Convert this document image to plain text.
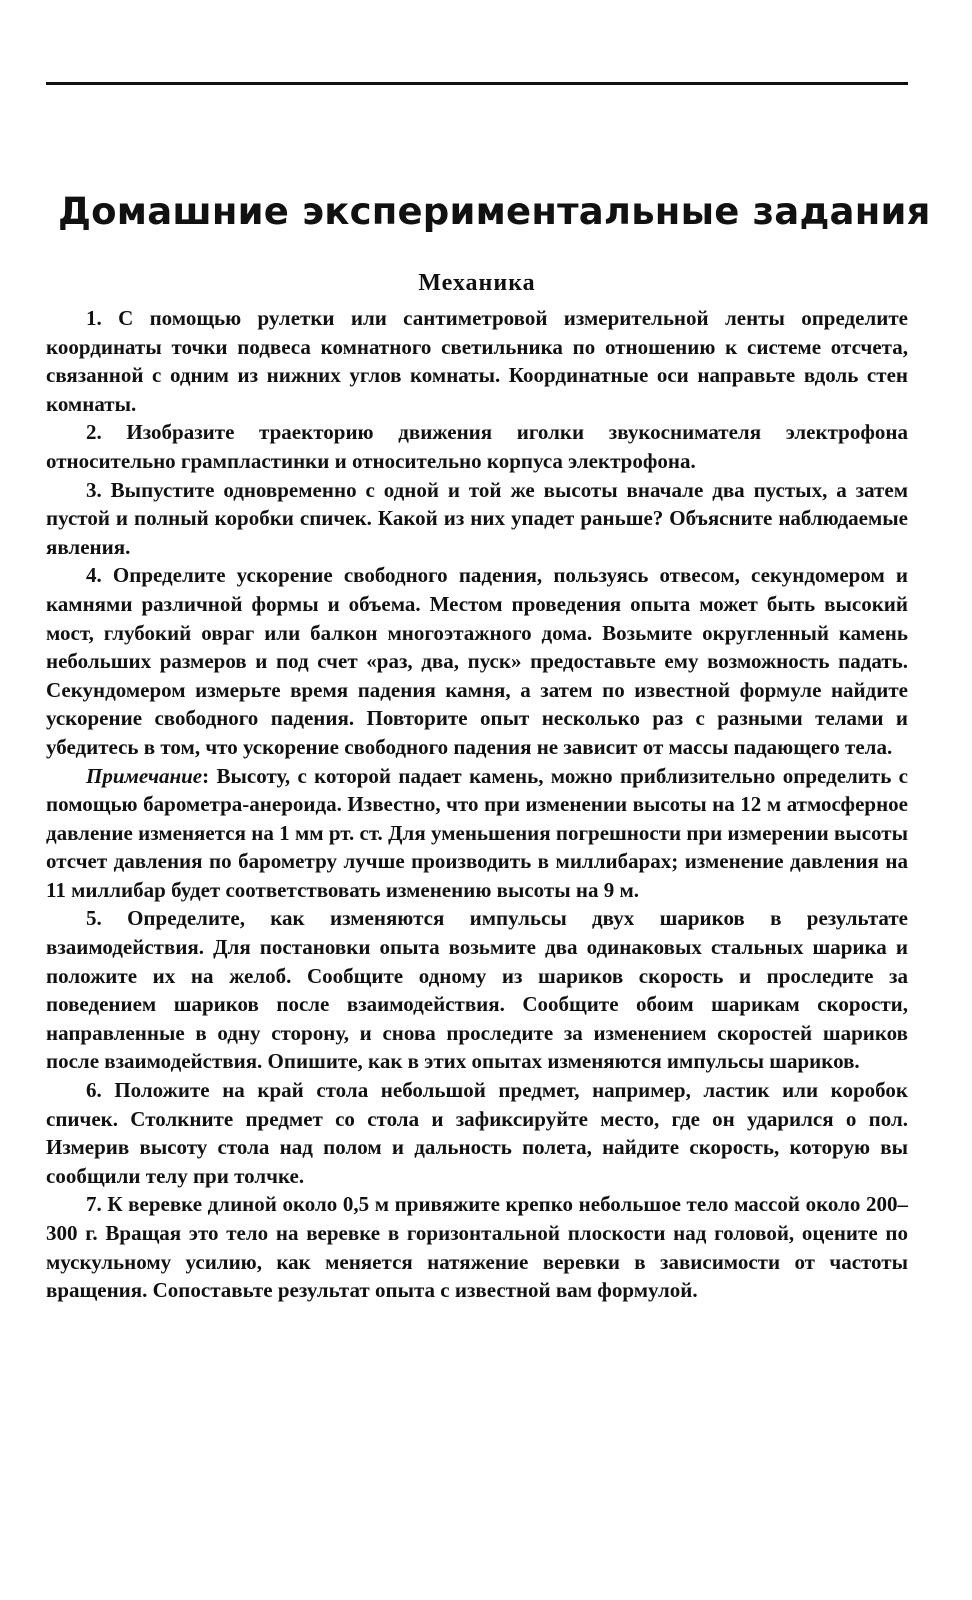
Домашние экспериментальные задания
Механика

1. С помощью рулетки или сантиметровой измерительной ленты определите координаты точки подвеса комнатного светильника по отношению к системе отсчета, связанной с одним из нижних углов комнаты. Координатные оси направьте вдоль стен комнаты.

2. Изобразите траекторию движения иголки звукоснимателя электрофона относительно грампластинки и относительно корпуса электрофона.

3. Выпустите одновременно с одной и той же высоты вначале два пустых, а затем пустой и полный коробки спичек. Какой из них упадет раньше? Объясните наблюдаемые явления.

4. Определите ускорение свободного падения, пользуясь отвесом, секундомером и камнями различной формы и объема. Местом проведения опыта может быть высокий мост, глубокий овраг или балкон многоэтажного дома. Возьмите округленный камень небольших размеров и под счет «раз, два, пуск» предоставьте ему возможность падать. Секундомером измерьте время падения камня, а затем по известной формуле найдите ускорение свободного падения. Повторите опыт несколько раз с разными телами и убедитесь в том, что ускорение свободного падения не зависит от массы падающего тела.

Примечание: Высоту, с которой падает камень, можно приблизительно определить с помощью барометра-анероида. Известно, что при изменении высоты на 12 м атмосферное давление изменяется на 1 мм рт. ст. Для уменьшения погрешности при измерении высоты отсчет давления по барометру лучше производить в миллибарах; изменение давления на 11 миллибар будет соответствовать изменению высоты на 9 м.

5. Определите, как изменяются импульсы двух шариков в результате взаимодействия. Для постановки опыта возьмите два одинаковых стальных шарика и положите их на желоб. Сообщите одному из шариков скорость и проследите за поведением шариков после взаимодействия. Сообщите обоим шарикам скорости, направленные в одну сторону, и снова проследите за изменением скоростей шариков после взаимодействия. Опишите, как в этих опытах изменяются импульсы шариков.

6. Положите на край стола небольшой предмет, например, ластик или коробок спичек. Столкните предмет со стола и зафиксируйте место, где он ударился о пол. Измерив высоту стола над полом и дальность полета, найдите скорость, которую вы сообщили телу при толчке.

7. К веревке длиной около 0,5 м привяжите крепко небольшое тело массой около 200–300 г. Вращая это тело на веревке в горизонтальной плоскости над головой, оцените по мускульному усилию, как меняется натяжение веревки в зависимости от частоты вращения. Сопоставьте результат опыта с известной вам формулой.
